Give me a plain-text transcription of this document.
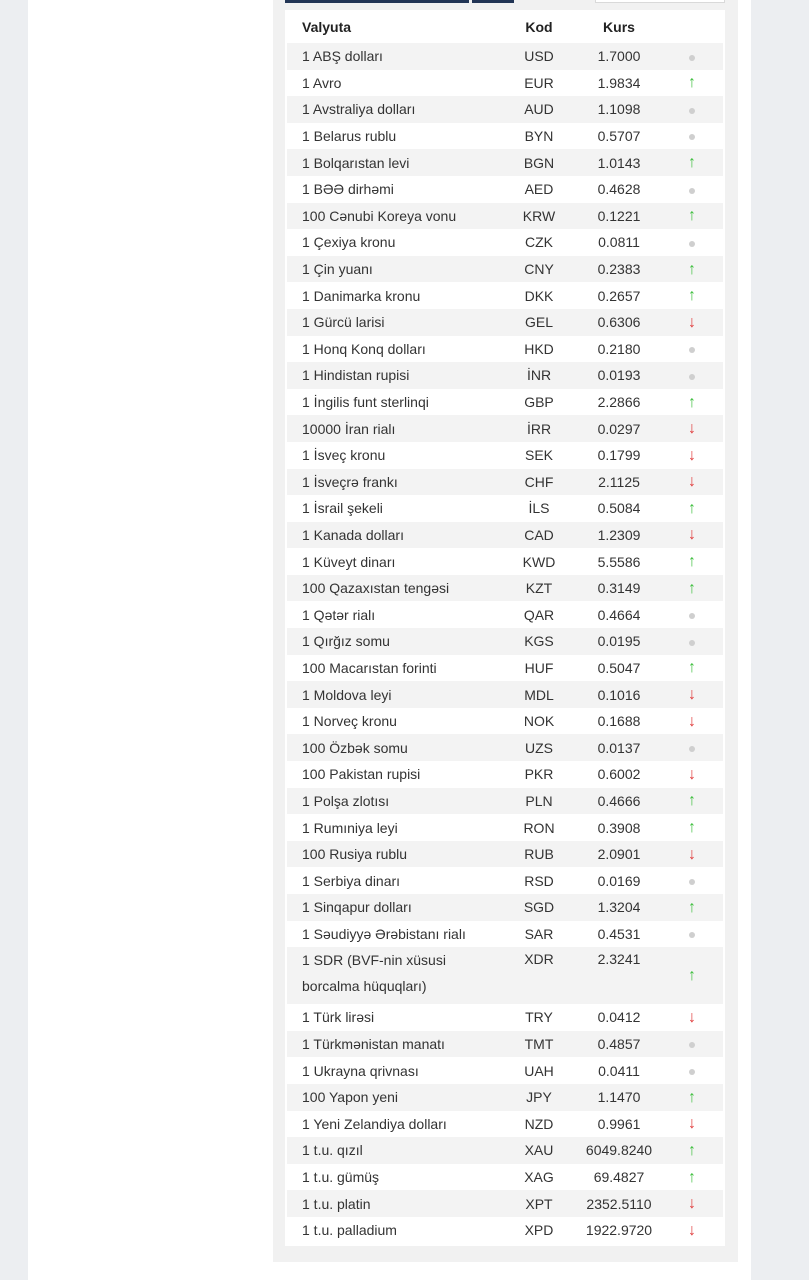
Valyuta	Kod	Kurs	
1 ABŞ dolları	USD	1.7000	
1 Avro	EUR	1.9834	↑
1 Avstraliya dolları	AUD	1.1098	
1 Belarus rublu	BYN	0.5707	
1 Bolqarıstan levi	BGN	1.0143	↑
1 BƏƏ dirhəmi	AED	0.4628	
100 Cənubi Koreya vonu	KRW	0.1221	↑
1 Çexiya kronu	CZK	0.0811	
1 Çin yuanı	CNY	0.2383	↑
1 Danimarka kronu	DKK	0.2657	↑
1 Gürcü larisi	GEL	0.6306	↓
1 Honq Konq dolları	HKD	0.2180	
1 Hindistan rupisi	İNR	0.0193	
1 İngilis funt sterlinqi	GBP	2.2866	↑
10000 İran rialı	İRR	0.0297	↓
1 İsveç kronu	SEK	0.1799	↓
1 İsveçrə frankı	CHF	2.1125	↓
1 İsrail şekeli	İLS	0.5084	↑
1 Kanada dolları	CAD	1.2309	↓
1 Küveyt dinarı	KWD	5.5586	↑
100 Qazaxıstan tengəsi	KZT	0.3149	↑
1 Qətər rialı	QAR	0.4664	
1 Qırğız somu	KGS	0.0195	
100 Macarıstan forinti	HUF	0.5047	↑
1 Moldova leyi	MDL	0.1016	↓
1 Norveç kronu	NOK	0.1688	↓
100 Özbək somu	UZS	0.0137	
100 Pakistan rupisi	PKR	0.6002	↓
1 Polşa zlotısı	PLN	0.4666	↑
1 Rumıniya leyi	RON	0.3908	↑
100 Rusiya rublu	RUB	2.0901	↓
1 Serbiya dinarı	RSD	0.0169	
1 Sinqapur dolları	SGD	1.3204	↑
1 Səudiyyə Ərəbistanı rialı	SAR	0.4531	
1 SDR (BVF-nin xüsusi borcalma hüquqları)	XDR	2.3241	↑
1 Türk lirəsi	TRY	0.0412	↓
1 Türkmənistan manatı	TMT	0.4857	
1 Ukrayna qrivnası	UAH	0.0411	
100 Yapon yeni	JPY	1.1470	↑
1 Yeni Zelandiya dolları	NZD	0.9961	↓
1 t.u. qızıl	XAU	6049.8240	↑
1 t.u. gümüş	XAG	69.4827	↑
1 t.u. platin	XPT	2352.5110	↓
1 t.u. palladium	XPD	1922.9720	↓
